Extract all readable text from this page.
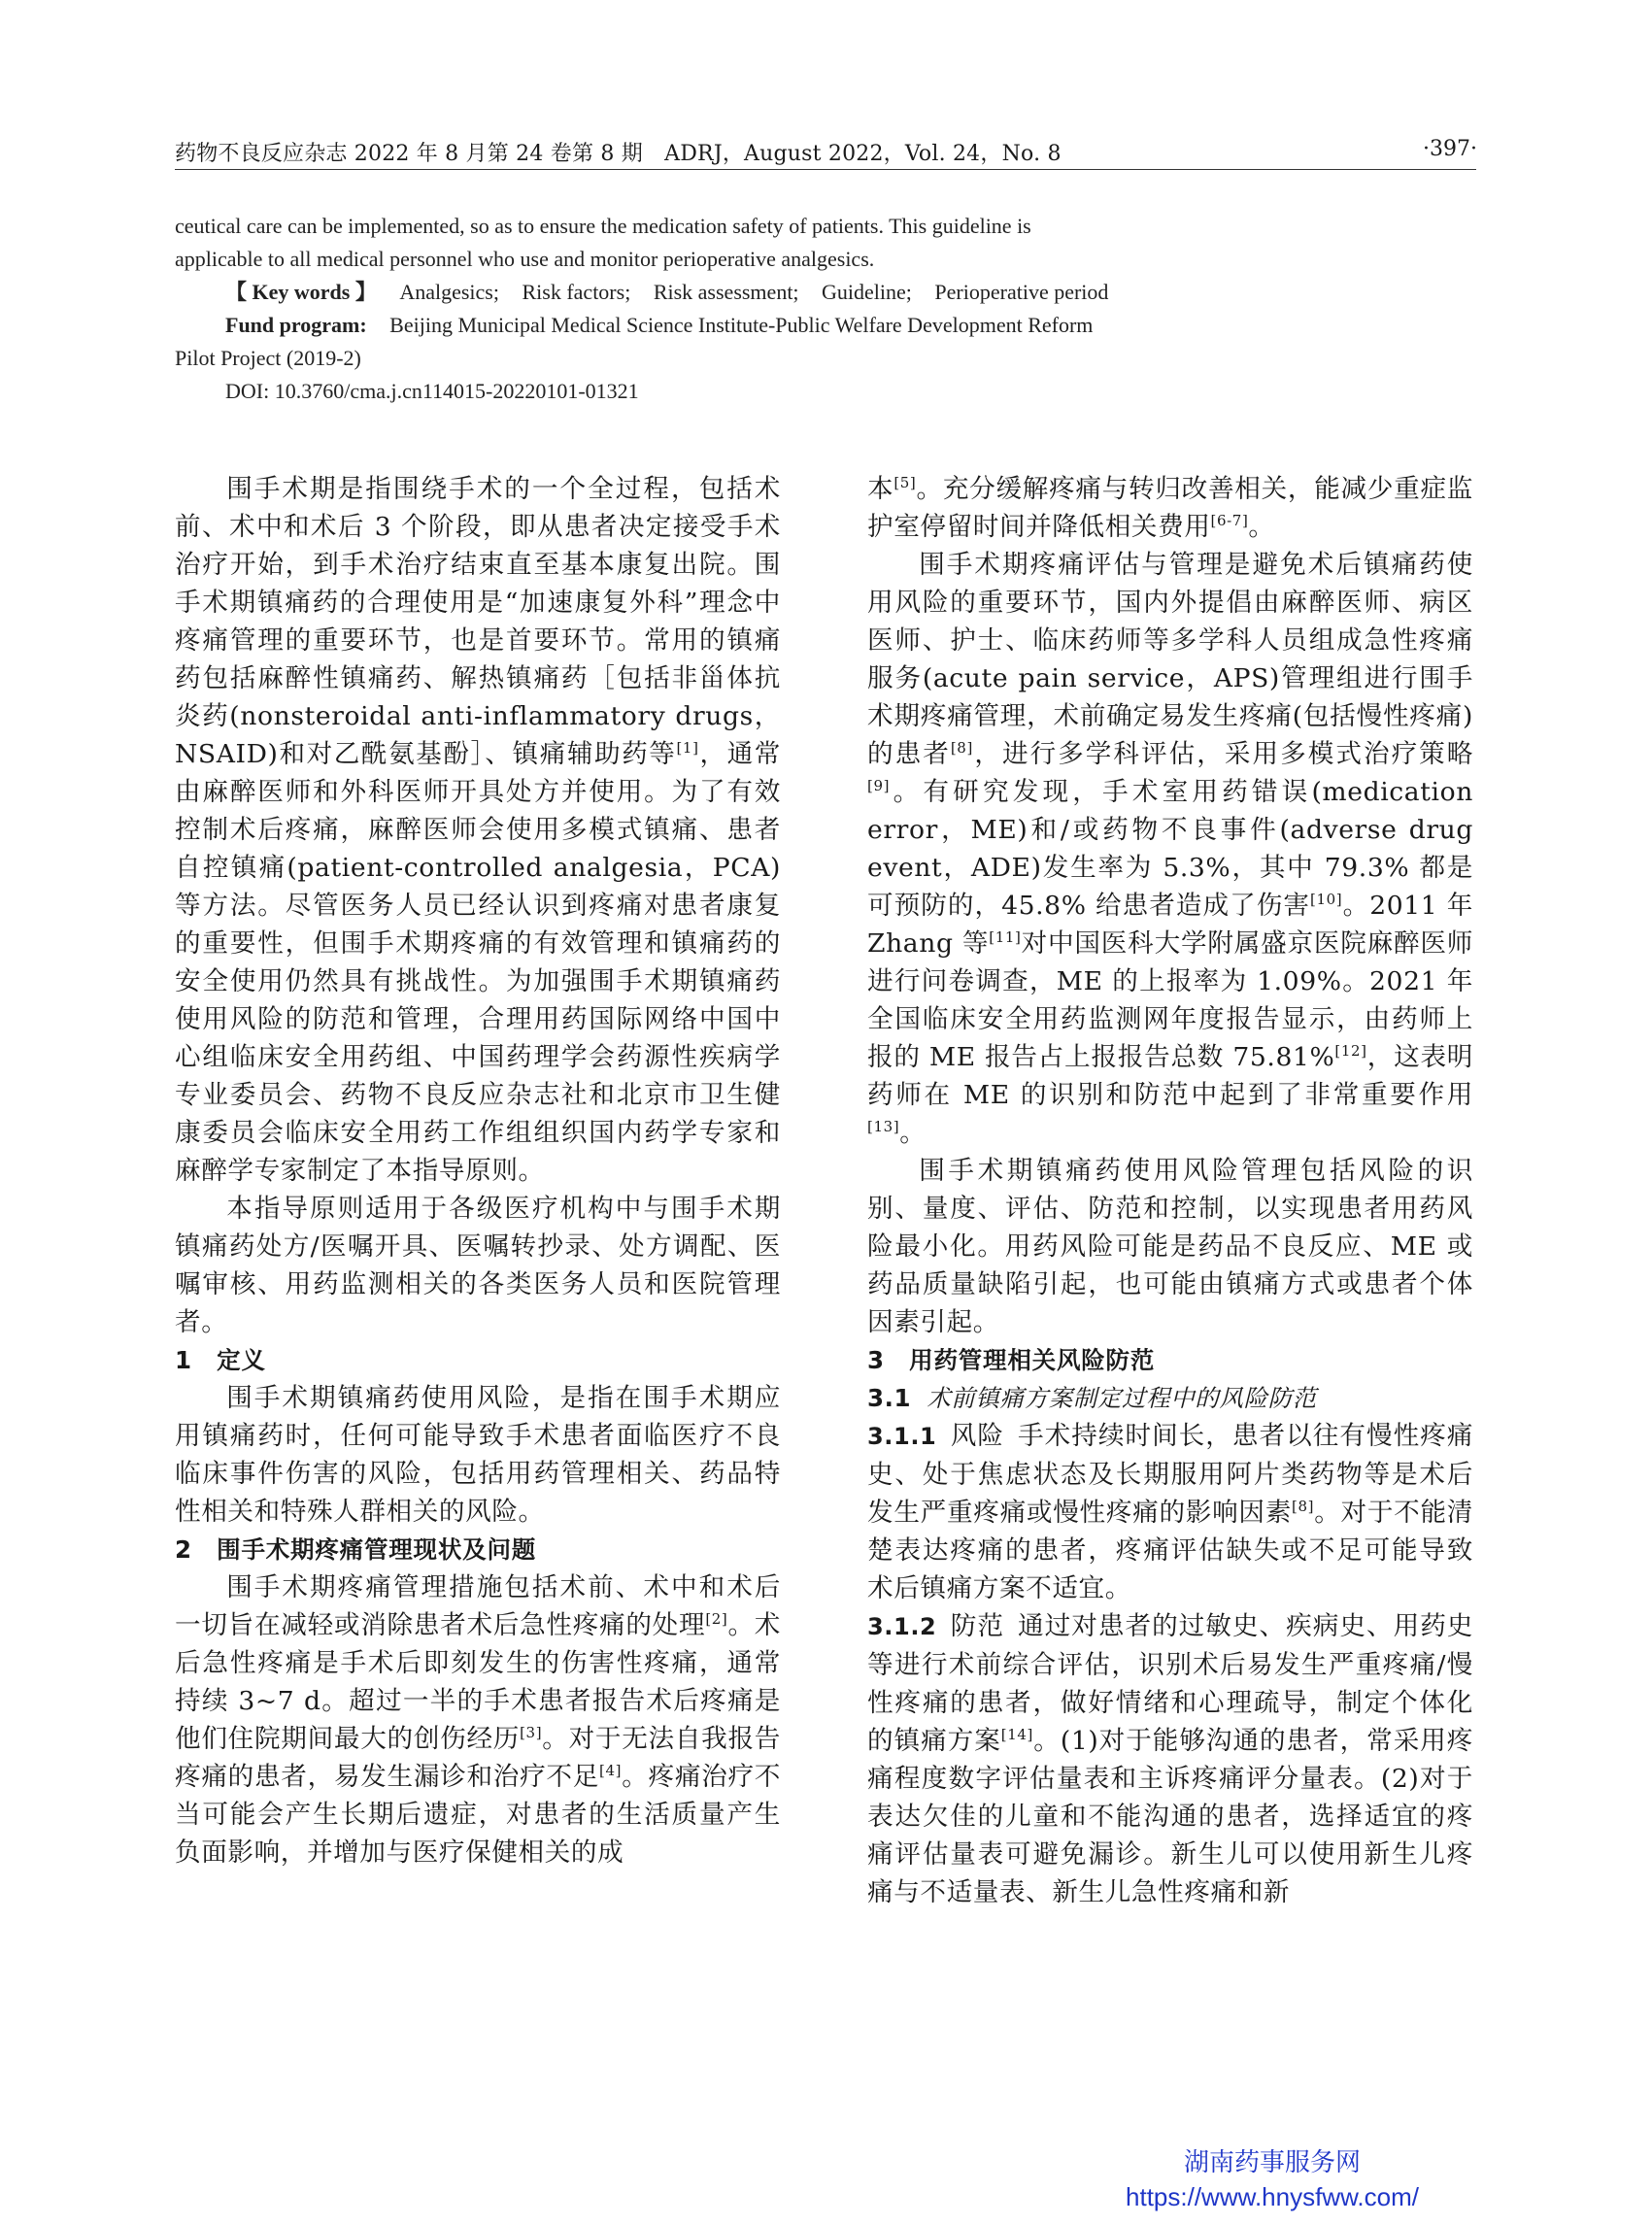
药物不良反应杂志 2022 年 8 月第 24 卷第 8 期　ADRJ，August 2022，Vol. 24，No. 8	·397·
ceutical care can be implemented, so as to ensure the medication safety of patients. This guideline is
applicable to all medical personnel who use and monitor perioperative analgesics.
【 Key words 】 Analgesics; Risk factors; Risk assessment; Guideline; Perioperative period
Fund program: Beijing Municipal Medical Science Institute-Public Welfare Development Reform
Pilot Project (2019-2)
DOI: 10.3760/cma.j.cn114015-20220101-01321

围手术期是指围绕手术的一个全过程，包括术前、术中和术后 3 个阶段，即从患者决定接受手术治疗开始，到手术治疗结束直至基本康复出院。围手术期镇痛药的合理使用是“加速康复外科”理念中疼痛管理的重要环节，也是首要环节。常用的镇痛药包括麻醉性镇痛药、解热镇痛药［包括非甾体抗炎药(nonsteroidal anti-inflammatory drugs，NSAID)和对乙酰氨基酚］、镇痛辅助药等[1]，通常由麻醉医师和外科医师开具处方并使用。为了有效控制术后疼痛，麻醉医师会使用多模式镇痛、患者自控镇痛(patient-controlled analgesia，PCA)等方法。尽管医务人员已经认识到疼痛对患者康复的重要性，但围手术期疼痛的有效管理和镇痛药的安全使用仍然具有挑战性。为加强围手术期镇痛药使用风险的防范和管理，合理用药国际网络中国中心组临床安全用药组、中国药理学会药源性疾病学专业委员会、药物不良反应杂志社和北京市卫生健康委员会临床安全用药工作组组织国内药学专家和麻醉学专家制定了本指导原则。

本指导原则适用于各级医疗机构中与围手术期镇痛药处方/医嘱开具、医嘱转抄录、处方调配、医嘱审核、用药监测相关的各类医务人员和医院管理者。

1　定义

围手术期镇痛药使用风险，是指在围手术期应用镇痛药时，任何可能导致手术患者面临医疗不良临床事件伤害的风险，包括用药管理相关、药品特性相关和特殊人群相关的风险。

2　围手术期疼痛管理现状及问题

围手术期疼痛管理措施包括术前、术中和术后一切旨在减轻或消除患者术后急性疼痛的处理[2]。术后急性疼痛是手术后即刻发生的伤害性疼痛，通常持续 3~7 d。超过一半的手术患者报告术后疼痛是他们住院期间最大的创伤经历[3]。对于无法自我报告疼痛的患者，易发生漏诊和治疗不足[4]。疼痛治疗不当可能会产生长期后遗症，对患者的生活质量产生负面影响，并增加与医疗保健相关的成

本[5]。充分缓解疼痛与转归改善相关，能减少重症监护室停留时间并降低相关费用[6-7]。

围手术期疼痛评估与管理是避免术后镇痛药使用风险的重要环节，国内外提倡由麻醉医师、病区医师、护士、临床药师等多学科人员组成急性疼痛服务(acute pain service，APS)管理组进行围手术期疼痛管理，术前确定易发生疼痛(包括慢性疼痛)的患者[8]，进行多学科评估，采用多模式治疗策略[9]。有研究发现，手术室用药错误(medication error，ME)和/或药物不良事件(adverse drug event，ADE)发生率为 5.3%，其中 79.3% 都是可预防的，45.8% 给患者造成了伤害[10]。2011 年 Zhang 等[11]对中国医科大学附属盛京医院麻醉医师进行问卷调查，ME 的上报率为 1.09%。2021 年全国临床安全用药监测网年度报告显示，由药师上报的 ME 报告占上报报告总数 75.81%[12]，这表明药师在 ME 的识别和防范中起到了非常重要作用[13]。

围手术期镇痛药使用风险管理包括风险的识别、量度、评估、防范和控制，以实现患者用药风险最小化。用药风险可能是药品不良反应、ME 或药品质量缺陷引起，也可能由镇痛方式或患者个体因素引起。

3　用药管理相关风险防范

3.1 术前镇痛方案制定过程中的风险防范

3.1.1 风险 手术持续时间长，患者以往有慢性疼痛史、处于焦虑状态及长期服用阿片类药物等是术后发生严重疼痛或慢性疼痛的影响因素[8]。对于不能清楚表达疼痛的患者，疼痛评估缺失或不足可能导致术后镇痛方案不适宜。

3.1.2 防范 通过对患者的过敏史、疾病史、用药史等进行术前综合评估，识别术后易发生严重疼痛/慢性疼痛的患者，做好情绪和心理疏导，制定个体化的镇痛方案[14]。(1)对于能够沟通的患者，常采用疼痛程度数字评估量表和主诉疼痛评分量表。(2)对于表达欠佳的儿童和不能沟通的患者，选择适宜的疼痛评估量表可避免漏诊。新生儿可以使用新生儿疼痛与不适量表、新生儿急性疼痛和新

湖南药事服务网
https://www.hnysfww.com/
